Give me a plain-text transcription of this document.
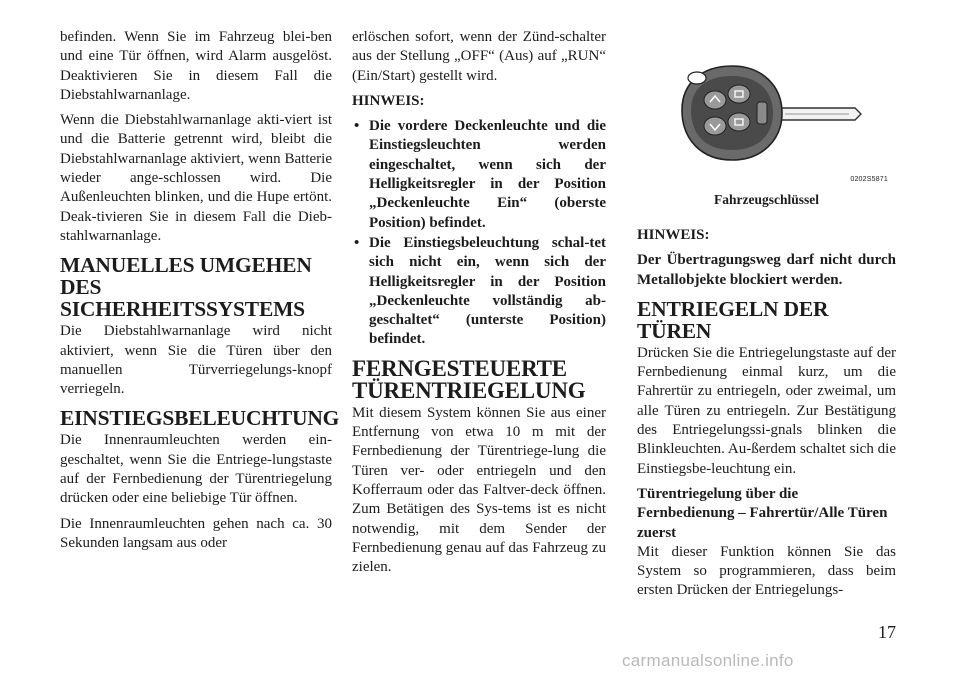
befinden. Wenn Sie im Fahrzeug blei-ben und eine Tür öffnen, wird Alarm ausgelöst. Deaktivieren Sie in diesem Fall die Diebstahlwarnanlage.

Wenn die Diebstahlwarnanlage akti-viert ist und die Batterie getrennt wird, bleibt die Diebstahlwarnanlage aktiviert, wenn Batterie wieder ange-schlossen wird. Die Außenleuchten blinken, und die Hupe ertönt. Deak-tivieren Sie in diesem Fall die Dieb-stahlwarnanlage.

MANUELLES UMGEHEN DES SICHERHEITSSYSTEMS

Die Diebstahlwarnanlage wird nicht aktiviert, wenn Sie die Türen über den manuellen Türverriegelungs-knopf verriegeln.

EINSTIEGSBELEUCHTUNG

Die Innenraumleuchten werden ein-geschaltet, wenn Sie die Entriege-lungstaste auf der Fernbedienung der Türentriegelung drücken oder eine beliebige Tür öffnen.

Die Innenraumleuchten gehen nach ca. 30 Sekunden langsam aus oder

erlöschen sofort, wenn der Zünd-schalter aus der Stellung „OFF“ (Aus) auf „RUN“ (Ein/Start) gestellt wird.

HINWEIS:

• Die vordere Deckenleuchte und die Einstiegsleuchten werden eingeschaltet, wenn sich der Helligkeitsregler in der Position „Deckenleuchte Ein“ (oberste Position) befindet.
• Die Einstiegsbeleuchtung schal-tet sich nicht ein, wenn sich der Helligkeitsregler in der Position „Deckenleuchte vollständig ab-geschaltet“ (unterste Position) befindet.
FERNGESTEUERTE TÜRENTRIEGELUNG

Mit diesem System können Sie aus einer Entfernung von etwa 10 m mit der Fernbedienung der Türentriege-lung die Türen ver- oder entriegeln und den Kofferraum oder das Faltver-deck öffnen. Zum Betätigen des Sys-tems ist es nicht notwendig, mit dem Sender der Fernbedienung genau auf das Fahrzeug zu zielen.

0202S5871
Fahrzeugschlüssel

HINWEIS:

Der Übertragungsweg darf nicht durch Metallobjekte blockiert werden.

ENTRIEGELN DER TÜREN

Drücken Sie die Entriegelungstaste auf der Fernbedienung einmal kurz, um die Fahrertür zu entriegeln, oder zweimal, um alle Türen zu entriegeln. Zur Bestätigung des Entriegelungssi-gnals blinken die Blinkleuchten. Au-ßerdem schaltet sich die Einstiegsbe-leuchtung ein.

Türentriegelung über die Fernbedienung – Fahrertür/Alle Türen zuerst

Mit dieser Funktion können Sie das System so programmieren, dass beim ersten Drücken der Entriegelungs-

17
carmanualsonline.info
